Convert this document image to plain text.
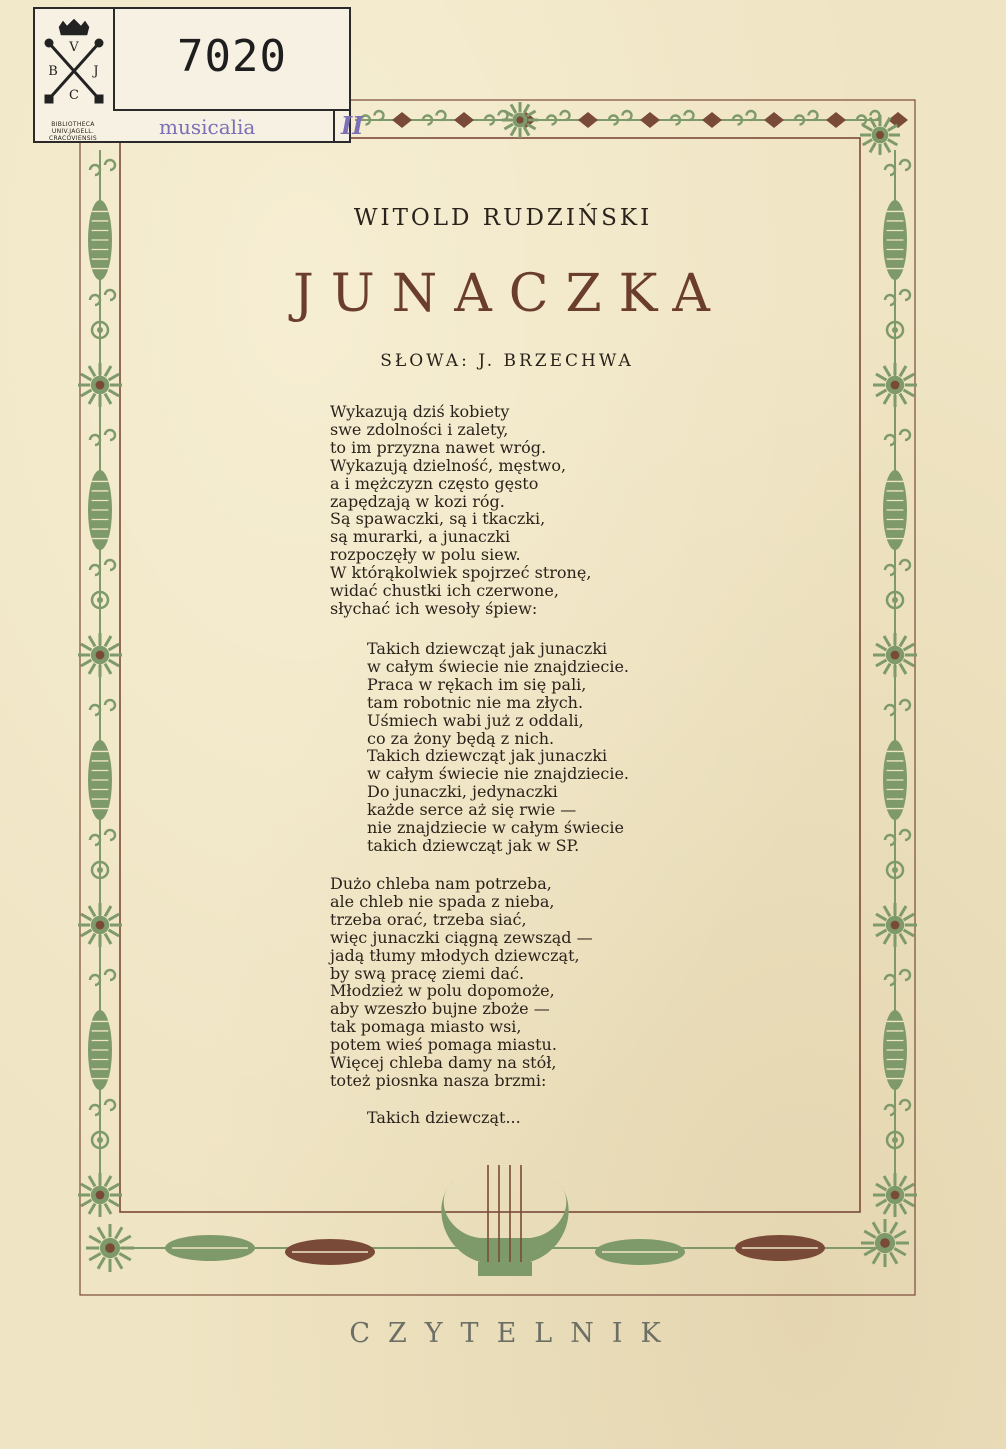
V
B	J
C
BIBLIOTHECA
UNIV.JAGELL.
CRACOVIENSIS
7020
musicalia	II
WITOLD RUDZIŃSKI
JUNACZKA
SŁOWA: J. BRZECHWA
Wykazują dziś kobiety
swe zdolności i zalety,
to im przyzna nawet wróg.
Wykazują dzielność, męstwo,
a i mężczyzn często gęsto
zapędzają w kozi róg.
Są spawaczki, są i tkaczki,
są murarki, a junaczki
rozpoczęły w polu siew.
W którąkolwiek spojrzeć stronę,
widać chustki ich czerwone,
słychać ich wesoły śpiew:
Takich dziewcząt jak junaczki
w całym świecie nie znajdziecie.
Praca w rękach im się pali,
tam robotnic nie ma złych.
Uśmiech wabi już z oddali,
co za żony będą z nich.
Takich dziewcząt jak junaczki
w całym świecie nie znajdziecie.
Do junaczki, jedynaczki
każde serce aż się rwie —
nie znajdziecie w całym świecie
takich dziewcząt jak w SP.
Dużo chleba nam potrzeba,
ale chleb nie spada z nieba,
trzeba orać, trzeba siać,
więc junaczki ciągną zewsząd —
jadą tłumy młodych dziewcząt,
by swą pracę ziemi dać.
Młodzież w polu dopomoże,
aby wzeszło bujne zboże —
tak pomaga miasto wsi,
potem wieś pomaga miastu.
Więcej chleba damy na stół,
toteż piosnka nasza brzmi:
Takich dziewcząt...
CZYTELNIK
